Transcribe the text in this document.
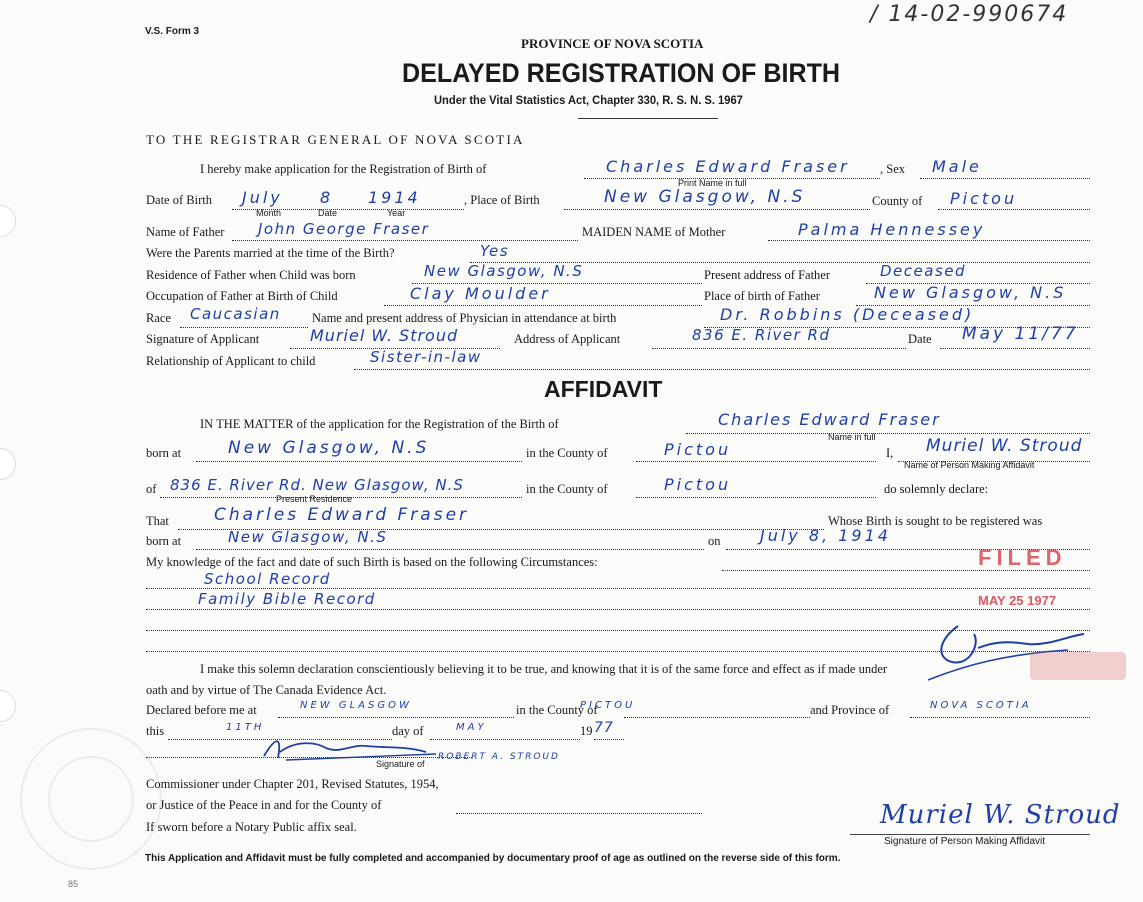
V.S. Form 3
/ 14-02-990674
PROVINCE OF NOVA SCOTIA
DELAYED REGISTRATION OF BIRTH
Under the Vital Statistics Act, Chapter 330, R. S. N. S. 1967
TO THE REGISTRAR GENERAL OF NOVA SCOTIA
I hereby make application for the Registration of Birth of	Charles Edward Fraser
Print Name in full
, Sex Male
Date of Birth July 8 1914
Month	Date	Year
, Place of Birth	New Glasgow, N.S	County of Pictou
Name of Father John George Fraser	MAIDEN NAME of Mother	Palma Hennessey
Were the Parents married at the time of the Birth?	Yes
Residence of Father when Child was born	New Glasgow, N.S	Present address of Father	Deceased
Occupation of Father at Birth of Child	Clay Moulder	Place of birth of Father	New Glasgow, N.S
Race Caucasian Name and present address of Physician in attendance at birth	Dr. Robbins (Deceased)
Signature of Applicant	Muriel W. Stroud	Address of Applicant	836 E. River Rd	Date May 11/77
Relationship of Applicant to child	Sister-in-law
AFFIDAVIT
IN THE MATTER of the application for the Registration of the Birth of	Charles Edward Fraser
Name in full
born at	New Glasgow, N.S	in the County of	Pictou	I, Muriel W. Stroud
Name of Person Making Affidavit
of 836 E. River Rd. New Glasgow, N.S
Present Residence
in the County of	Pictou	do solemnly declare:
That	Charles Edward Fraser	Whose Birth is sought to be registered was
born at	New Glasgow, N.S	on July 8, 1914
My knowledge of the fact and date of such Birth is based on the following Circumstances:
School Record
Family Bible Record
I make this solemn declaration conscientiously believing it to be true, and knowing that it is of the same force and effect as if made under
oath and by virtue of The Canada Evidence Act.
Declared before me at	NEW GLASGOW	in the County of
PICTOU	and Province of	NOVA SCOTIA
this	11TH	day of	MAY	19 77
Signature of
ROBERT A. STROUD
Commissioner under Chapter 201, Revised Statutes, 1954,
or Justice of the Peace in and for the County of
If sworn before a Notary Public affix seal.	Muriel W. Stroud
Signature of Person Making Affidavit
This Application and Affidavit must be fully completed and accompanied by documentary proof of age as outlined on the reverse side of this form.
85
FILED
MAY 25 1977
